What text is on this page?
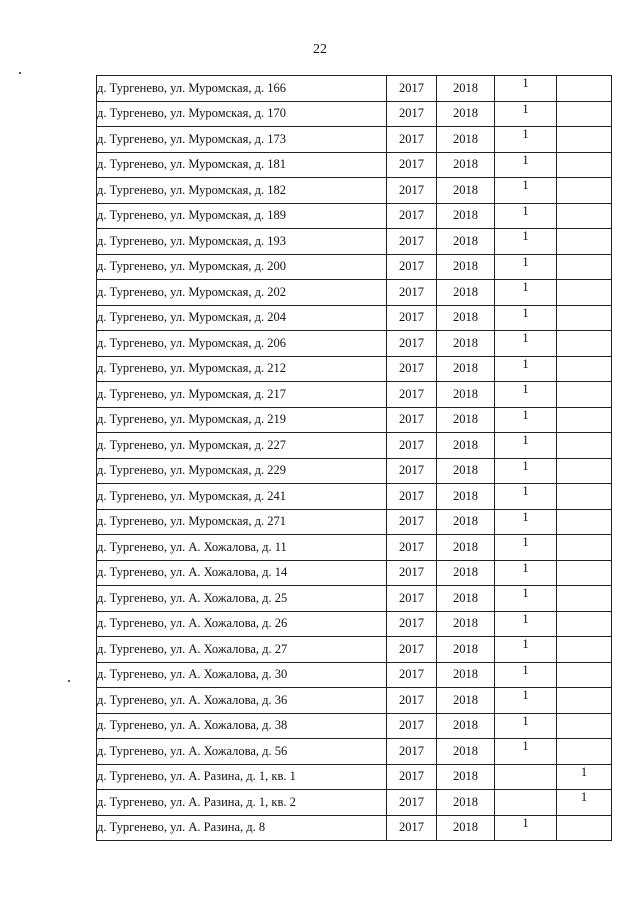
22
д. Тургенево, ул. Муромская, д. 166	2017	2018	1	
д. Тургенево, ул. Муромская, д. 170	2017	2018	1	
д. Тургенево, ул. Муромская, д. 173	2017	2018	1	
д. Тургенево, ул. Муромская, д. 181	2017	2018	1	
д. Тургенево, ул. Муромская, д. 182	2017	2018	1	
д. Тургенево, ул. Муромская, д. 189	2017	2018	1	
д. Тургенево, ул. Муромская, д. 193	2017	2018	1	
д. Тургенево, ул. Муромская, д. 200	2017	2018	1	
д. Тургенево, ул. Муромская, д. 202	2017	2018	1	
д. Тургенево, ул. Муромская, д. 204	2017	2018	1	
д. Тургенево, ул. Муромская, д. 206	2017	2018	1	
д. Тургенево, ул. Муромская, д. 212	2017	2018	1	
д. Тургенево, ул. Муромская, д. 217	2017	2018	1	
д. Тургенево, ул. Муромская, д. 219	2017	2018	1	
д. Тургенево, ул. Муромская, д. 227	2017	2018	1	
д. Тургенево, ул. Муромская, д. 229	2017	2018	1	
д. Тургенево, ул. Муромская, д. 241	2017	2018	1	
д. Тургенево, ул. Муромская, д. 271	2017	2018	1	
д. Тургенево, ул. А. Хожалова, д. 11	2017	2018	1	
д. Тургенево, ул. А. Хожалова, д. 14	2017	2018	1	
д. Тургенево, ул. А. Хожалова, д. 25	2017	2018	1	
д. Тургенево, ул. А. Хожалова, д. 26	2017	2018	1	
д. Тургенево, ул. А. Хожалова, д. 27	2017	2018	1	
д. Тургенево, ул. А. Хожалова, д. 30	2017	2018	1	
д. Тургенево, ул. А. Хожалова, д. 36	2017	2018	1	
д. Тургенево, ул. А. Хожалова, д. 38	2017	2018	1	
д. Тургенево, ул. А. Хожалова, д. 56	2017	2018	1	
д. Тургенево, ул. А. Разина, д. 1, кв. 1	2017	2018		1
д. Тургенево, ул. А. Разина, д. 1, кв. 2	2017	2018		1
д. Тургенево, ул. А. Разина, д. 8	2017	2018	1	
